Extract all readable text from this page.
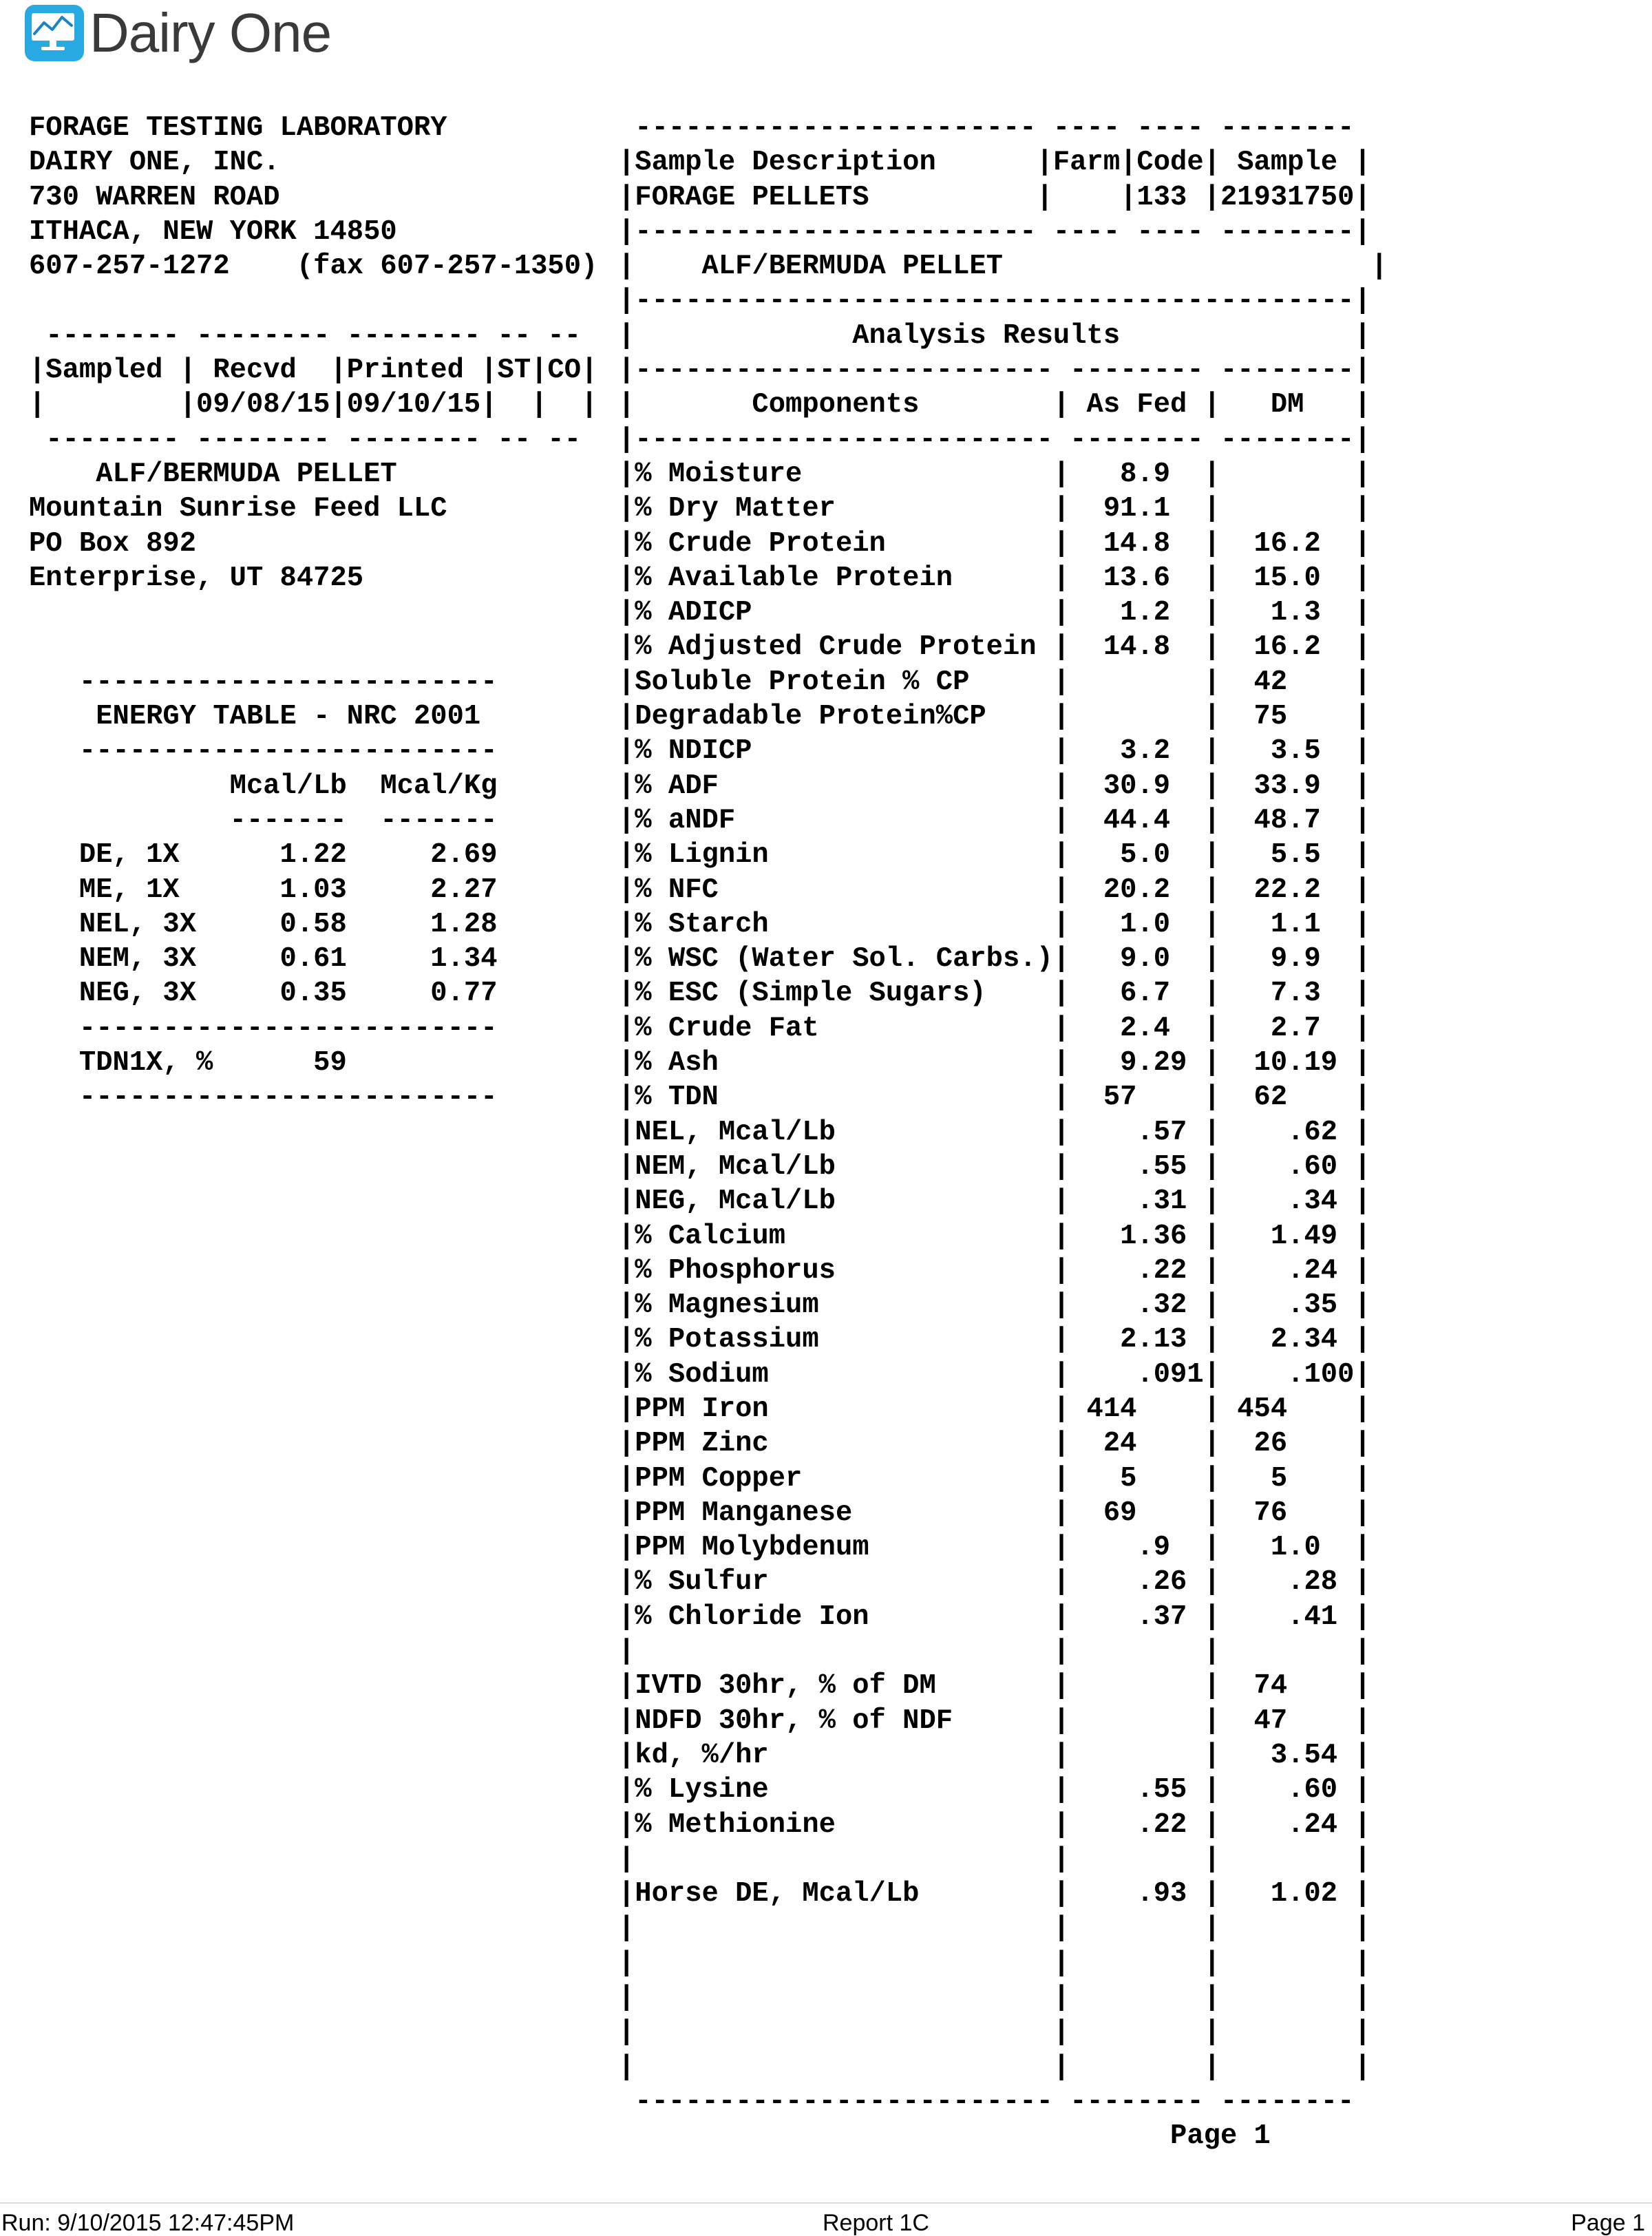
Dairy One
FORAGE TESTING LABORATORY
DAIRY ONE, INC.
730 WARREN ROAD
ITHACA, NEW YORK 14850
607-257-1272    (fax 607-257-1350)
-------- -------- -------- -- --
|Sampled | Recvd  |Printed |ST|CO|
|        |09/08/15|09/10/15|  |  |
-------- -------- -------- -- --
ALF/BERMUDA PELLET
Mountain Sunrise Feed LLC
PO Box 892
Enterprise, UT 84725
-------------------------
ENERGY TABLE - NRC 2001
-------------------------
Mcal/Lb  Mcal/Kg
-------  -------
DE, 1X      1.22     2.69
ME, 1X      1.03     2.27
NEL, 3X     0.58     1.28
NEM, 3X     0.61     1.34
NEG, 3X     0.35     0.77
-------------------------
TDN1X, %      59
-------------------------
------------------------ ---- ---- --------
|Sample Description      |Farm|Code| Sample |
|FORAGE PELLETS          |    |133 |21931750|
|------------------------ ---- ---- --------|
|    ALF/BERMUDA PELLET                      |
|-------------------------------------------|
|             Analysis Results              |
|------------------------- -------- --------|
|       Components        | As Fed |   DM   |
|------------------------- -------- --------|
|% Moisture               |   8.9  |        |
|% Dry Matter             |  91.1  |        |
|% Crude Protein          |  14.8  |  16.2  |
|% Available Protein      |  13.6  |  15.0  |
|% ADICP                  |   1.2  |   1.3  |
|% Adjusted Crude Protein |  14.8  |  16.2  |
|Soluble Protein % CP     |        |  42    |
|Degradable Protein%CP    |        |  75    |
|% NDICP                  |   3.2  |   3.5  |
|% ADF                    |  30.9  |  33.9  |
|% aNDF                   |  44.4  |  48.7  |
|% Lignin                 |   5.0  |   5.5  |
|% NFC                    |  20.2  |  22.2  |
|% Starch                 |   1.0  |   1.1  |
|% WSC (Water Sol. Carbs.)|   9.0  |   9.9  |
|% ESC (Simple Sugars)    |   6.7  |   7.3  |
|% Crude Fat              |   2.4  |   2.7  |
|% Ash                    |   9.29 |  10.19 |
|% TDN                    |  57    |  62    |
|NEL, Mcal/Lb             |    .57 |    .62 |
|NEM, Mcal/Lb             |    .55 |    .60 |
|NEG, Mcal/Lb             |    .31 |    .34 |
|% Calcium                |   1.36 |   1.49 |
|% Phosphorus             |    .22 |    .24 |
|% Magnesium              |    .32 |    .35 |
|% Potassium              |   2.13 |   2.34 |
|% Sodium                 |    .091|    .100|
|PPM Iron                 | 414    | 454    |
|PPM Zinc                 |  24    |  26    |
|PPM Copper               |   5    |   5    |
|PPM Manganese            |  69    |  76    |
|PPM Molybdenum           |    .9  |   1.0  |
|% Sulfur                 |    .26 |    .28 |
|% Chloride Ion           |    .37 |    .41 |
|                         |        |        |
|IVTD 30hr, % of DM       |        |  74    |
|NDFD 30hr, % of NDF      |        |  47    |
|kd, %/hr                 |        |   3.54 |
|% Lysine                 |    .55 |    .60 |
|% Methionine             |    .22 |    .24 |
|                         |        |        |
|Horse DE, Mcal/Lb        |    .93 |   1.02 |
|                         |        |        |
|                         |        |        |
|                         |        |        |
|                         |        |        |
|                         |        |        |
------------------------- -------- --------
Page 1
Run: 9/10/2015 12:47:45PM	Report 1C	Page 1
